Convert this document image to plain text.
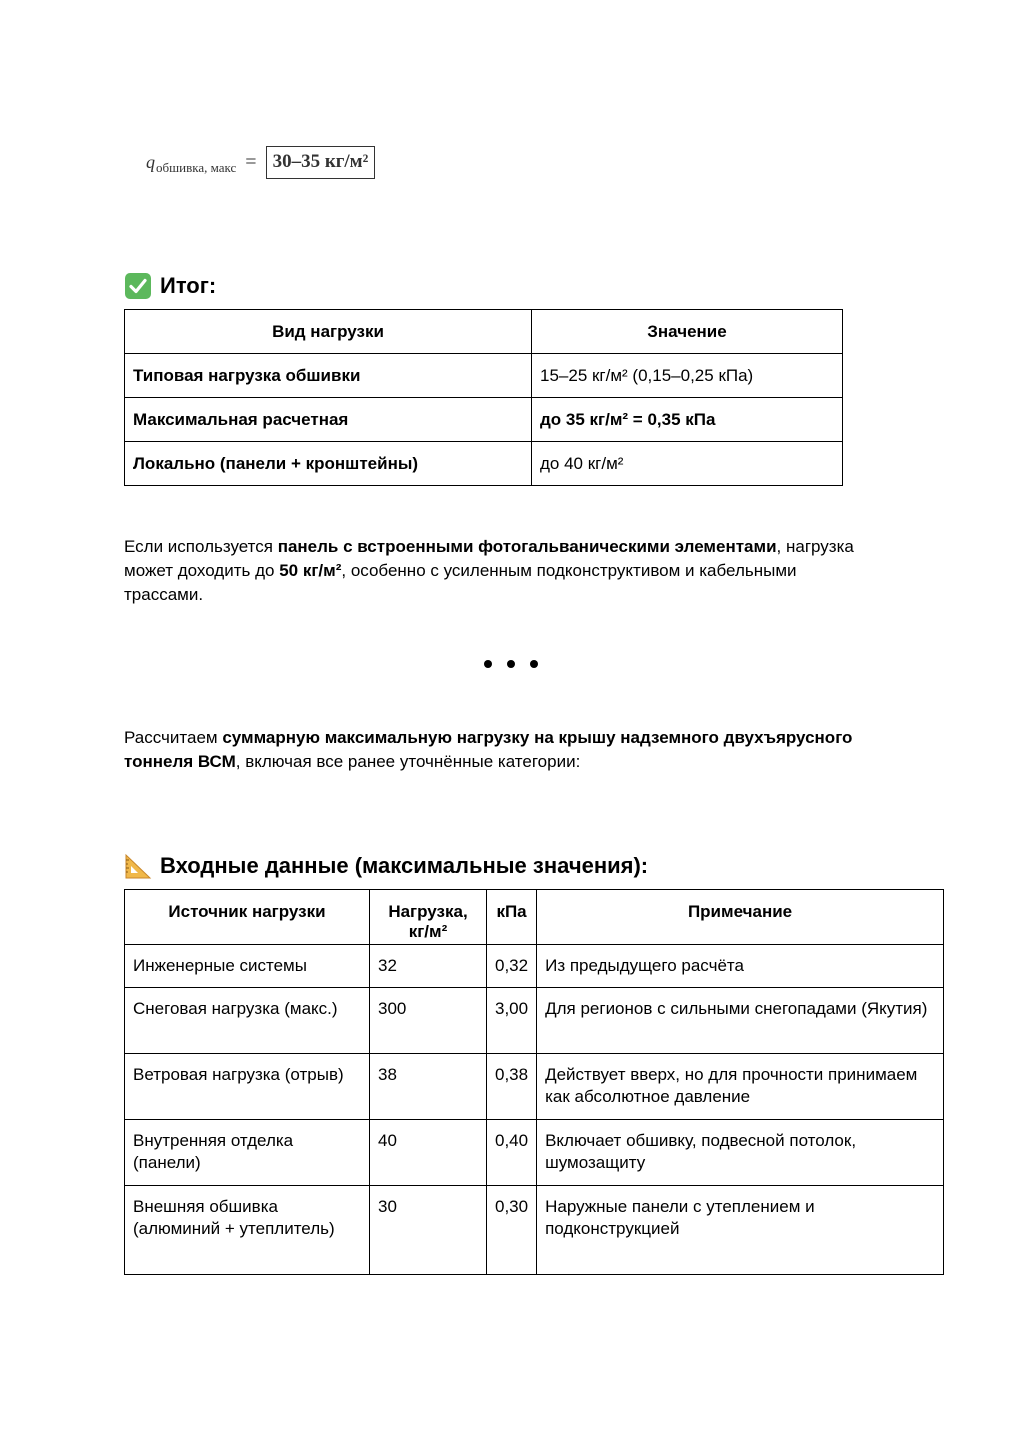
q обшивка, макс = 30–35 кг/м²
Итог:
Вид нагрузки	Значение
Типовая нагрузка обшивки	15–25 кг/м² (0,15–0,25 кПа)
Максимальная расчетная	до 35 кг/м² = 0,35 кПа
Локально (панели + кронштейны)	до 40 кг/м²
Если используется панель с встроенными фотогальваническими элементами, нагрузка может доходить до 50 кг/м², особенно с усиленным подконструктивом и кабельными трассами.
Рассчитаем суммарную максимальную нагрузку на крышу надземного двухъярусного тоннеля ВСМ, включая все ранее уточнённые категории:
Входные данные (максимальные значения):
Источник нагрузки	Нагрузка, кг/м²	кПа	Примечание
Инженерные системы	32	0,32	Из предыдущего расчёта
Снеговая нагрузка (макс.)	300	3,00	Для регионов с сильными снегопадами (Якутия)
Ветровая нагрузка (отрыв)	38	0,38	Действует вверх, но для прочности принимаем как абсолютное давление
Внутренняя отделка (панели)	40	0,40	Включает обшивку, подвесной потолок, шумозащиту
Внешняя обшивка (алюминий + утеплитель)	30	0,30	Наружные панели с утеплением и подконструкцией
